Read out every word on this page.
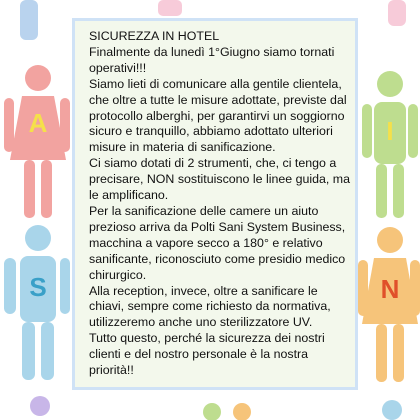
A	I
S	N

SICUREZZA IN HOTEL

Finalmente da lunedì 1°Giugno siamo tornati operativi!!!

Siamo lieti di comunicare alla gentile clientela, che oltre a tutte le misure adottate, previste dal protocollo alberghi, per garantirvi un soggiorno sicuro e tranquillo, abbiamo adottato ulteriori misure in materia di sanificazione.

Ci siamo dotati di 2 strumenti, che, ci tengo a precisare, NON sostituiscono le linee guida, ma le amplificano.

Per la sanificazione delle camere un aiuto prezioso arriva da Polti Sani System Business, macchina a vapore secco a 180° e relativo sanificante, riconosciuto come presidio medico chirurgico.

Alla reception, invece, oltre a sanificare le chiavi, sempre come richiesto da normativa, utilizzeremo anche uno sterilizzatore UV.

Tutto questo, perché la sicurezza dei nostri clienti e del nostro personale è la nostra priorità!!
